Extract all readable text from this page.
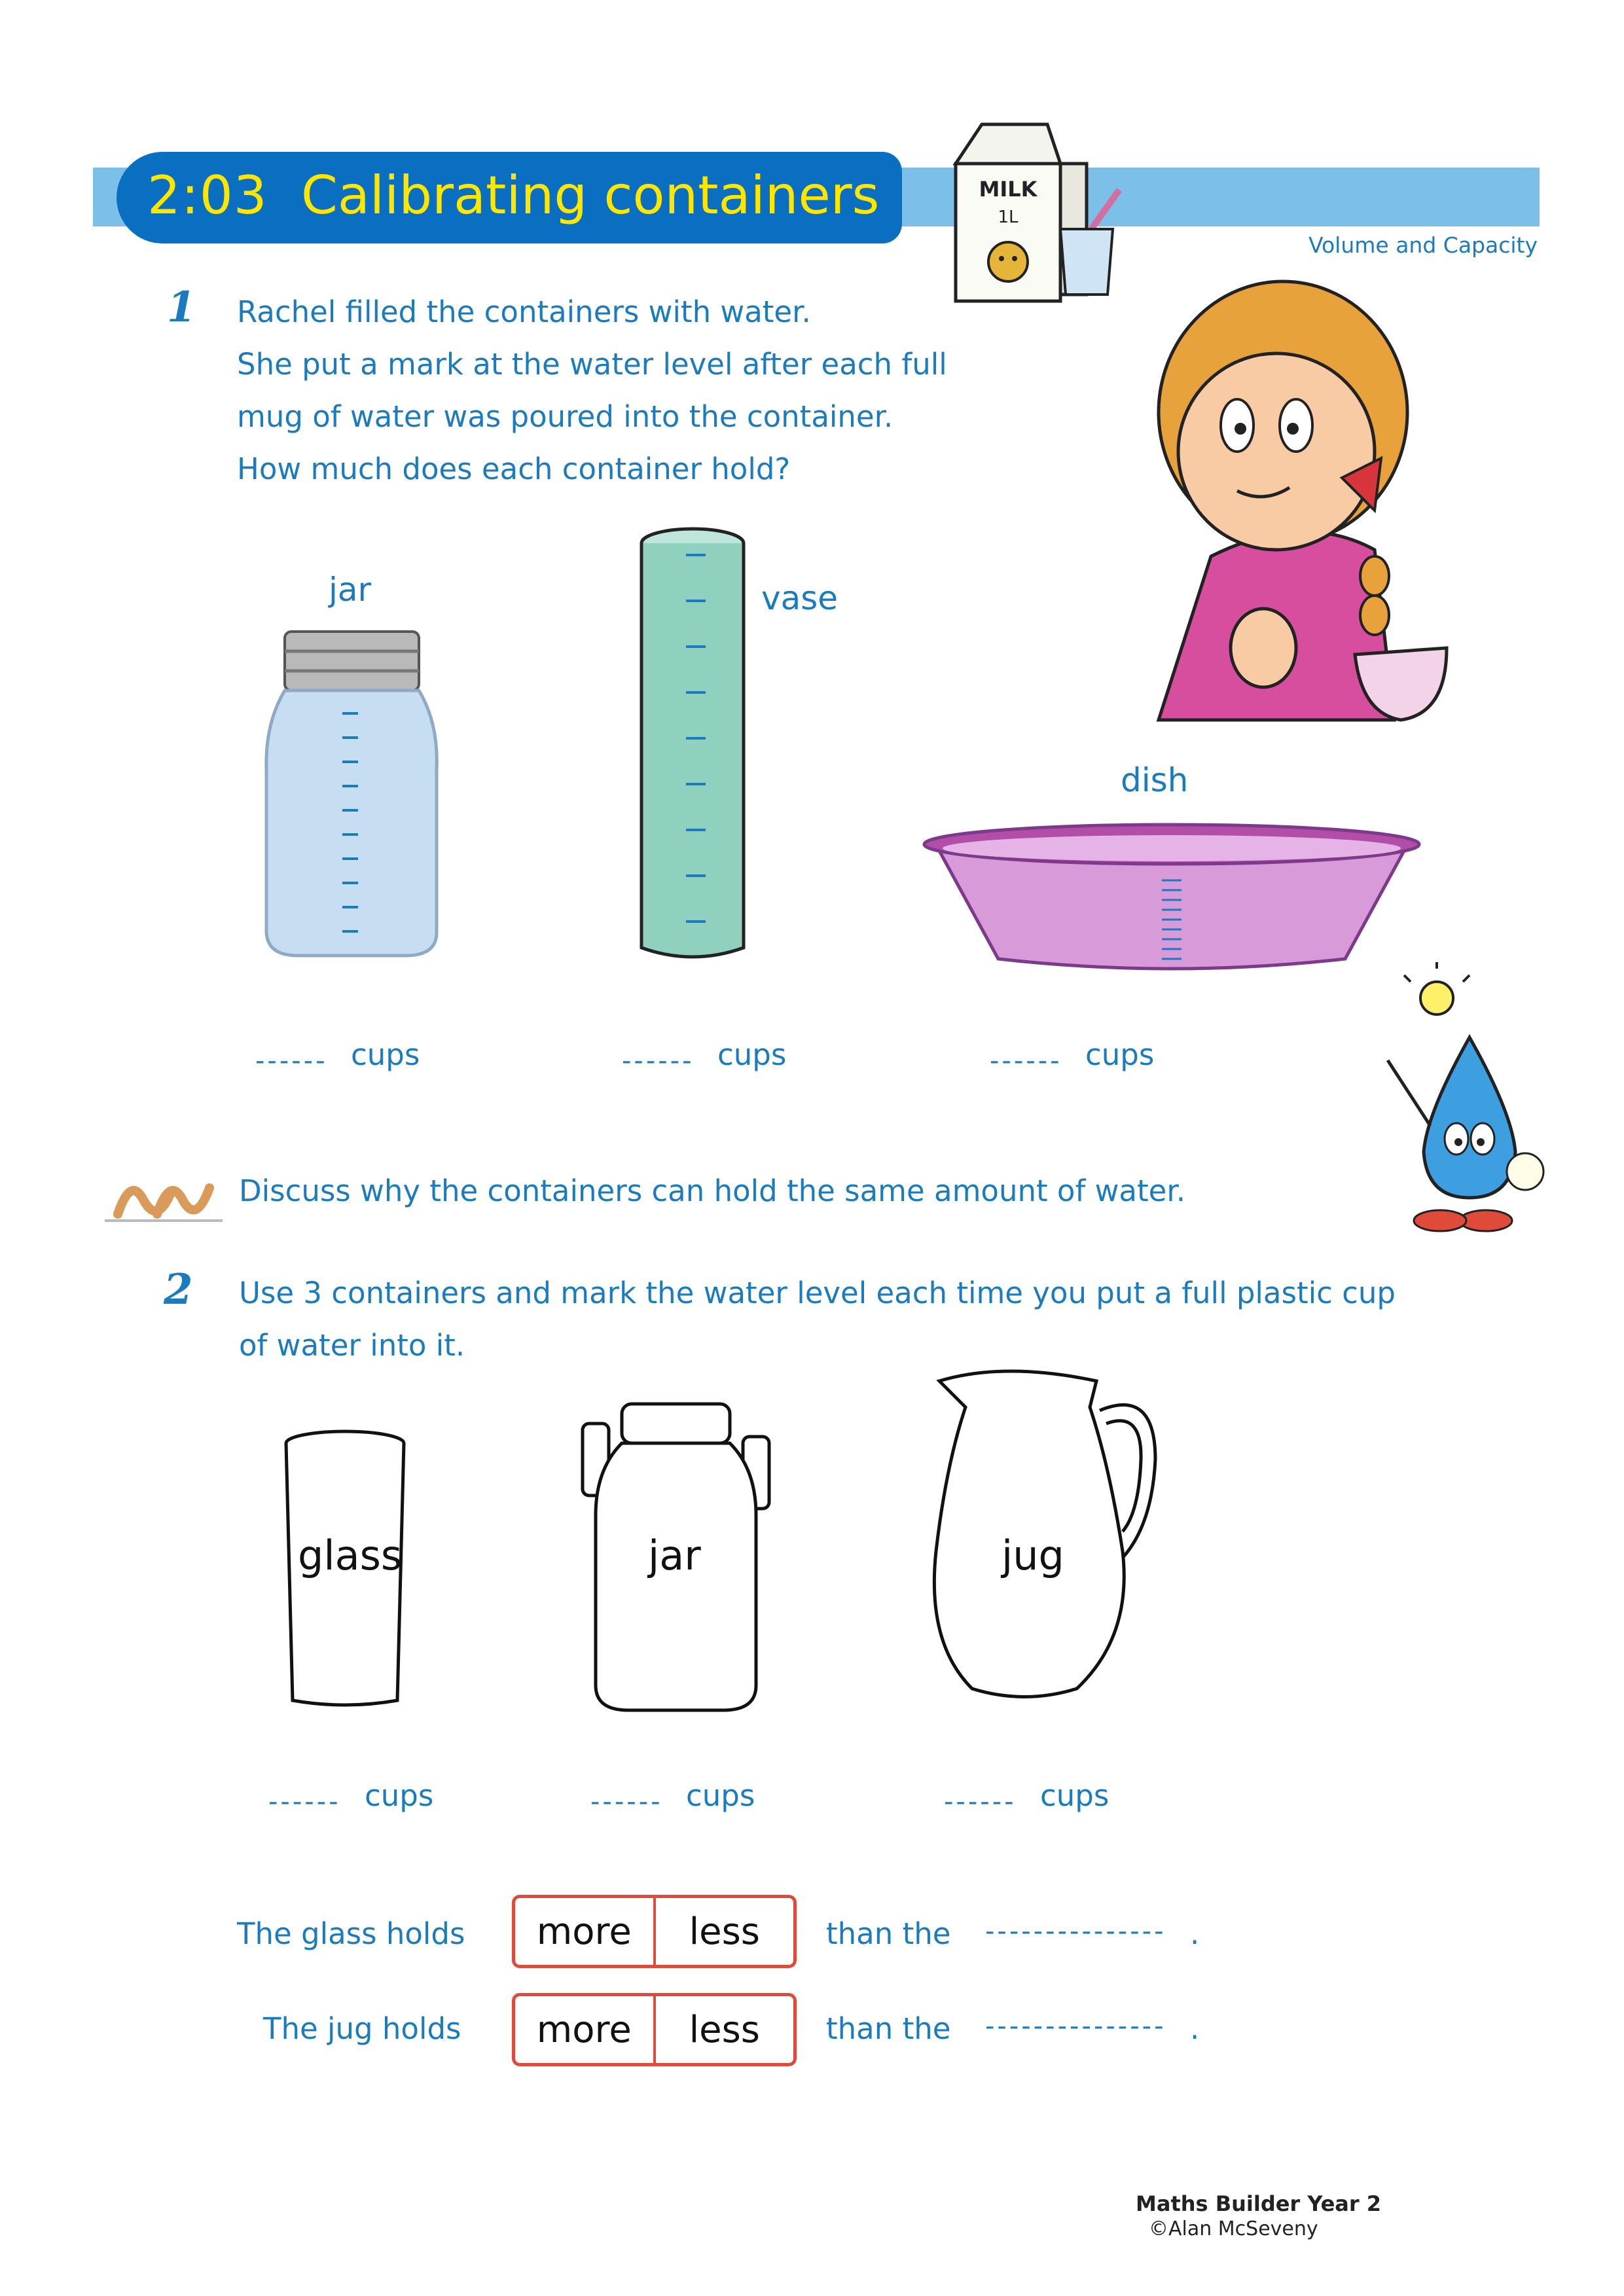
2:03 Calibrating containers
Volume and Capacity
MILK
1L
1 Rachel filled the containers with water.
She put a mark at the water level after each full
mug of water was poured into the container.
How much does each container hold?
jar	vase
dish
------ cups	------ cups	------ cups
Discuss why the containers can hold the same amount of water.
2 Use 3 containers and mark the water level each time you put a full plastic cup
of water into it.
glass	jar	jug
------ cups	------ cups	------ cups
The glass holds	more	less	than the --------------- .
The jug holds	more	less	than the --------------- .
Maths Builder Year 2
©Alan McSeveny
